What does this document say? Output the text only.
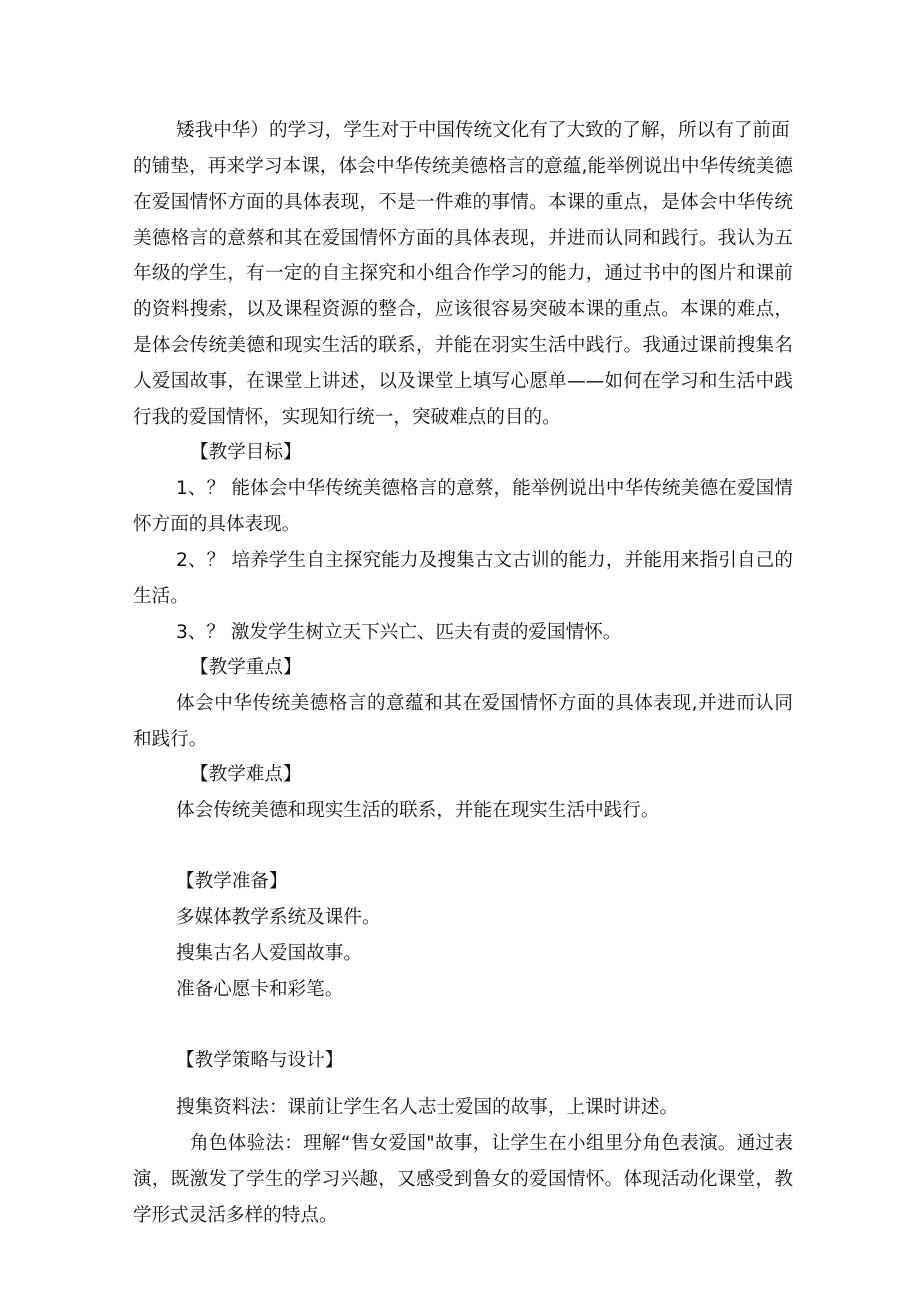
矮我中华）的学习，学生对于中国传统文化有了大致的了解，所以有了前面
的铺垫，再来学习本课，体会中华传统美德格言的意蕴,能举例说出中华传统美德
在爱国情怀方面的具体表现，不是一件难的事情。本课的重点，是体会中华传统
美德格言的意蔡和其在爱国情怀方面的具体表现，并进而认同和践行。我认为五
年级的学生，有一定的自主探究和小组合作学习的能力，通过书中的图片和课前
的资料搜索，以及课程资源的整合，应该很容易突破本课的重点。本课的难点，
是体会传统美德和现实生活的联系，并能在羽实生活中践行。我通过课前搜集名
人爱国故事，在课堂上讲述，以及课堂上填写心愿单——如何在学习和生活中践
行我的爱国情怀，实现知行统一，突破难点的目的。
【教学目标】
1、？ 能体会中华传统美德格言的意蔡，能举例说出中华传统美德在爱国情
怀方面的具体表现。
2、？ 培养学生自主探究能力及搜集古文古训的能力，并能用来指引自己的
生活。
3、？ 激发学生树立天下兴亡、匹夫有责的爱国情怀。
【教学重点】
体会中华传统美德格言的意蕴和其在爱国情怀方面的具体表现,并进而认同
和践行。
【教学难点】
体会传统美德和现实生活的联系，并能在现实生活中践行。
【教学准备】
多媒体教学系统及课件。
搜集古名人爱国故事。
准备心愿卡和彩笔。
【教学策略与设计】
搜集资料法：课前让学生名人志士爱国的故事，上课时讲述。
角色体验法：理解“售女爱国"故事，让学生在小组里分角色表演。通过表
演，既激发了学生的学习兴趣，又感受到鲁女的爱国情怀。体现活动化课堂，教
学形式灵活多样的特点。
